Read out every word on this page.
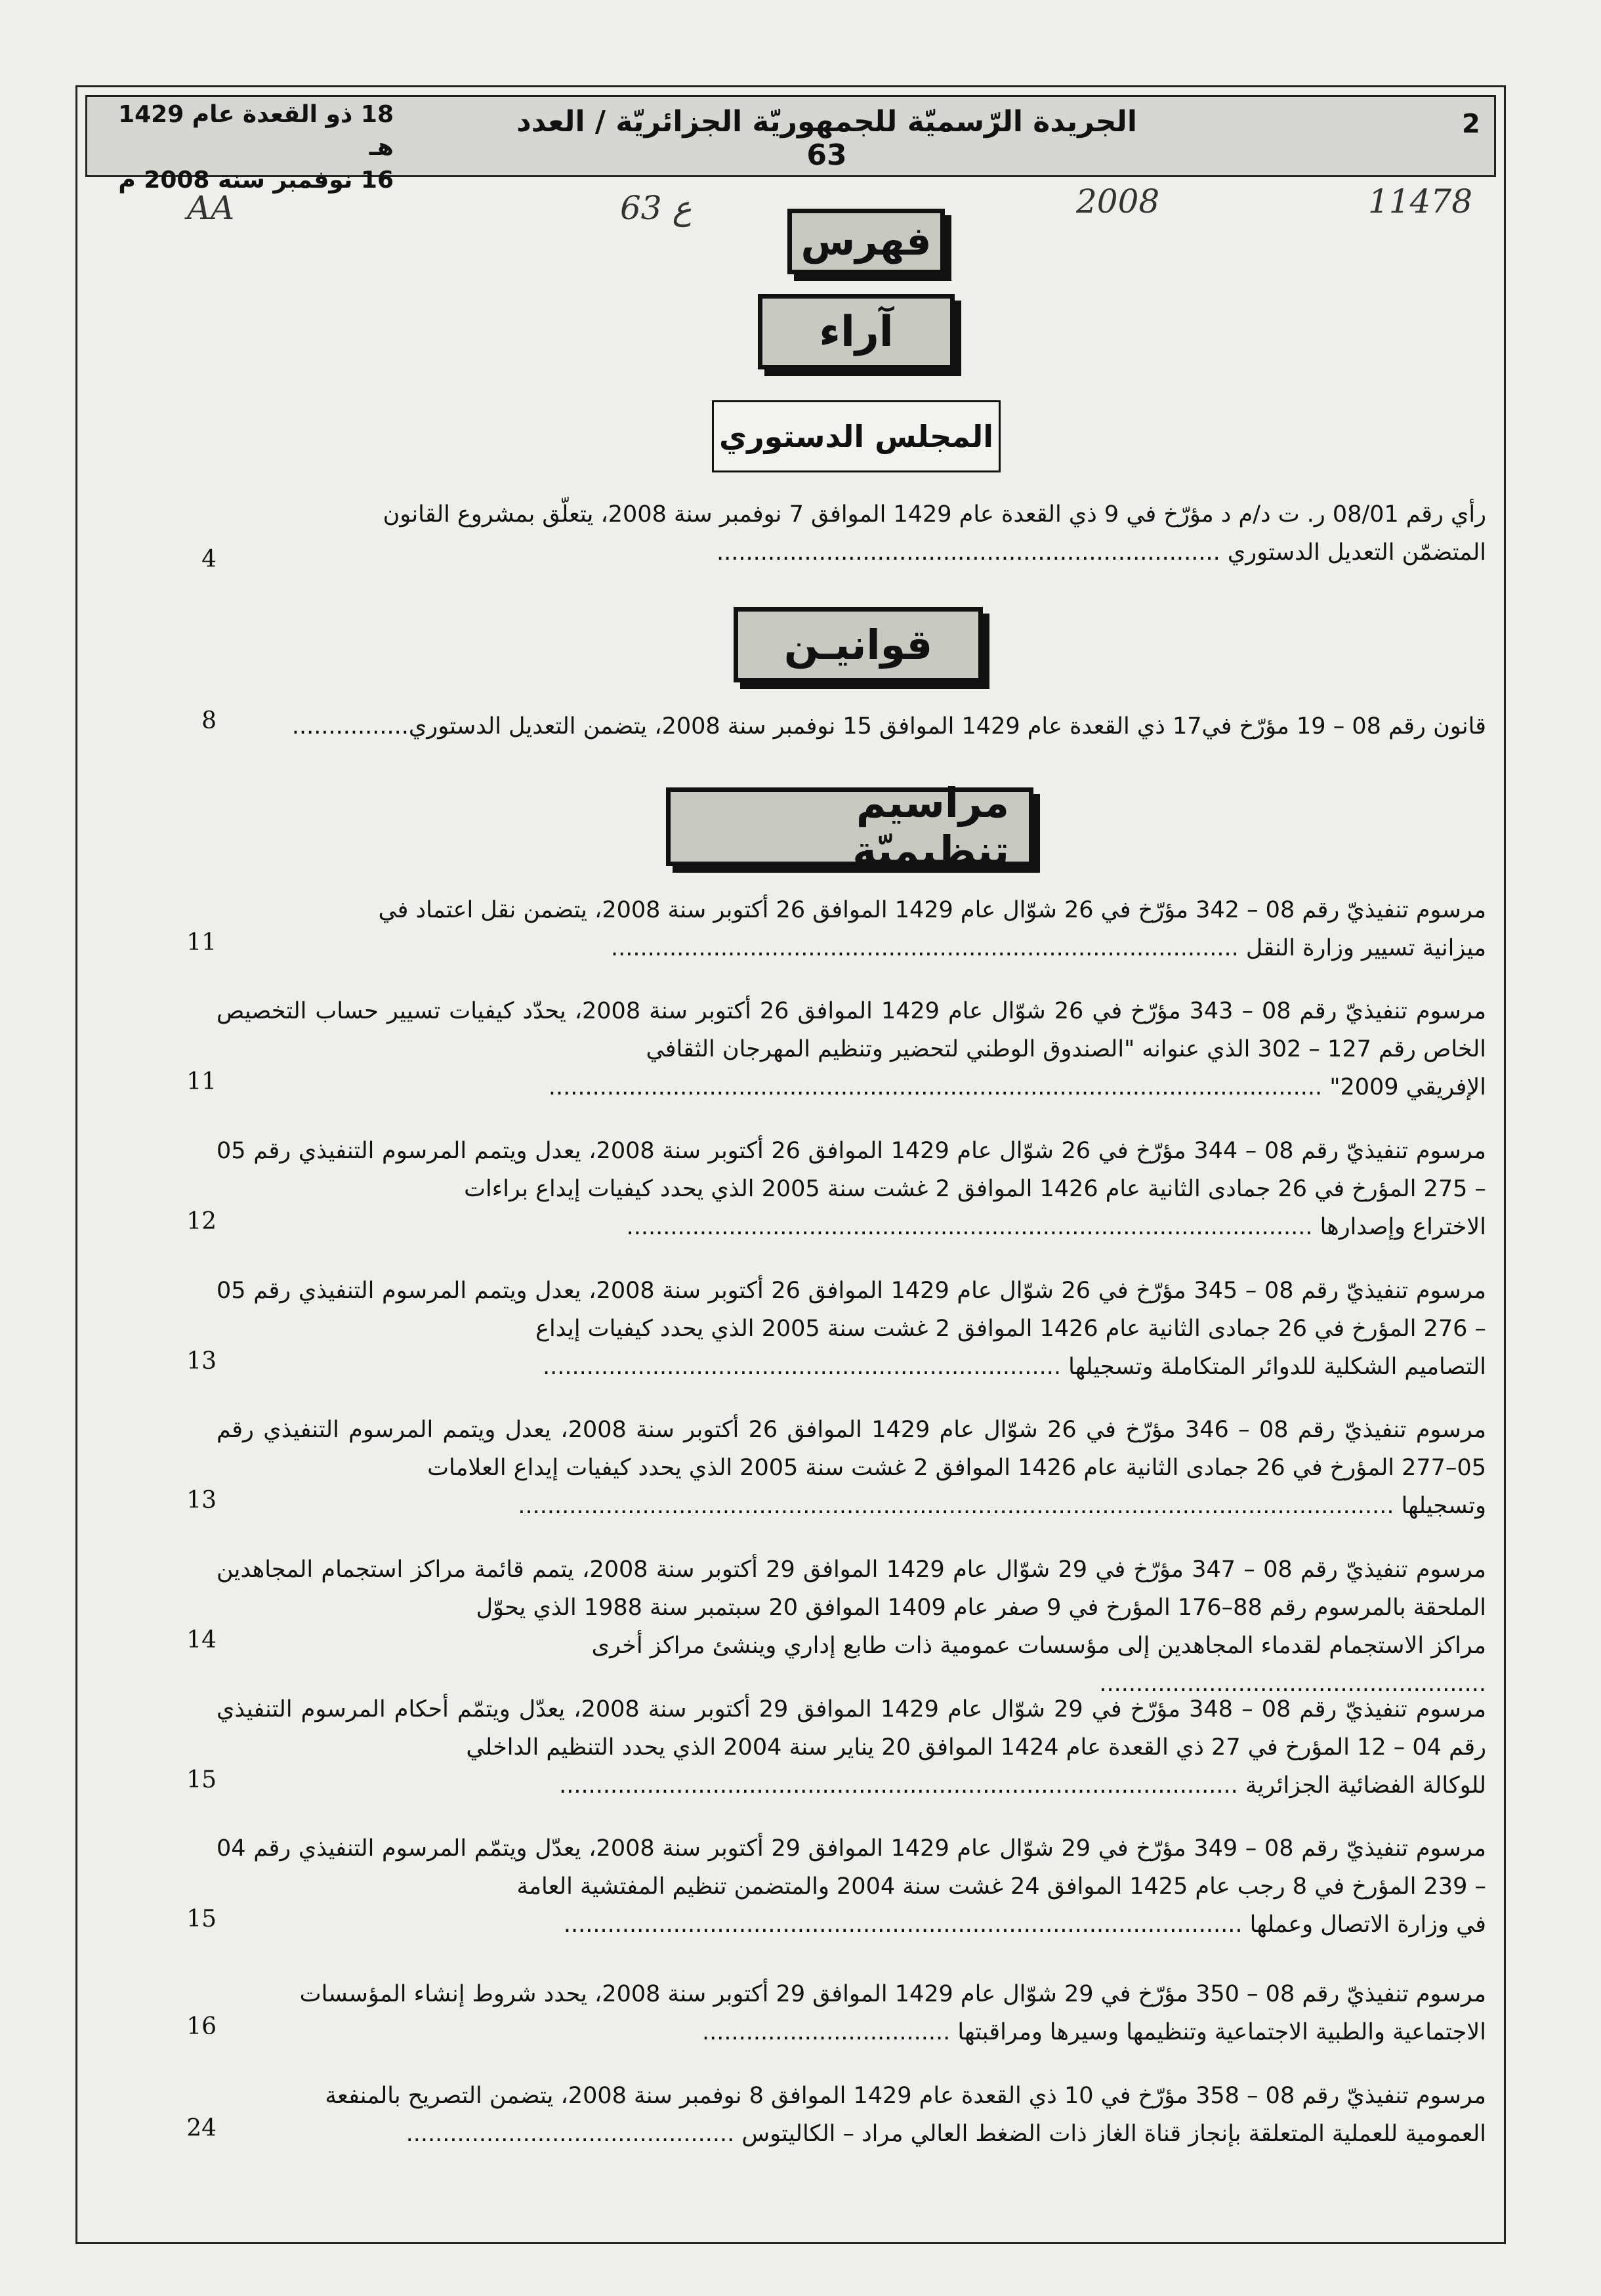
2
الجريدة الرّسميّة للجمهوريّة الجزائريّة / العدد 63
18 ذو القعدة عام 1429 هـ
16 نوفمبر سنة 2008 م
11478
2008
63 ع
AA
فهرس
آراء
المجلس الدستوري
قوانيـن
مراسيم تنظيميّة
رأي رقم 08/01 ر. ت د/م د مؤرّخ في 9 ذي القعدة عام 1429 الموافق 7 نوفمبر سنة 2008، يتعلّق بمشروع القانون
المتضمّن التعديل الدستوري .....................................................................
4
قانون رقم 08 – 19 مؤرّخ في17 ذي القعدة عام 1429 الموافق 15 نوفمبر سنة 2008، يتضمن التعديل الدستوري................
8
مرسوم تنفيذيّ رقم 08 – 342 مؤرّخ في 26 شوّال عام 1429 الموافق 26 أكتوبر سنة 2008، يتضمن نقل اعتماد في
ميزانية تسيير وزارة النقل ......................................................................................
11
مرسوم تنفيذيّ رقم 08 – 343 مؤرّخ في 26 شوّال عام 1429 الموافق 26 أكتوبر سنة 2008، يحدّد كيفيات تسيير حساب التخصيص الخاص رقم 127 – 302 الذي عنوانه "الصندوق الوطني لتحضير وتنظيم المهرجان الثقافي
الإفريقي 2009" ..........................................................................................................
11
مرسوم تنفيذيّ رقم 08 – 344 مؤرّخ في 26 شوّال عام 1429 الموافق 26 أكتوبر سنة 2008، يعدل ويتمم المرسوم التنفيذي رقم 05 – 275 المؤرخ في 26 جمادى الثانية عام 1426 الموافق 2 غشت سنة 2005 الذي يحدد كيفيات إيداع براءات
الاختراع وإصدارها ..............................................................................................
12
مرسوم تنفيذيّ رقم 08 – 345 مؤرّخ في 26 شوّال عام 1429 الموافق 26 أكتوبر سنة 2008، يعدل ويتمم المرسوم التنفيذي رقم 05 – 276 المؤرخ في 26 جمادى الثانية عام 1426 الموافق 2 غشت سنة 2005 الذي يحدد كيفيات إيداع
التصاميم الشكلية للدوائر المتكاملة وتسجيلها .......................................................................
13
مرسوم تنفيذيّ رقم 08 – 346 مؤرّخ في 26 شوّال عام 1429 الموافق 26 أكتوبر سنة 2008، يعدل ويتمم المرسوم التنفيذي رقم 05–277 المؤرخ في 26 جمادى الثانية عام 1426 الموافق 2 غشت سنة 2005 الذي يحدد كيفيات إيداع العلامات
وتسجيلها ........................................................................................................................
13
مرسوم تنفيذيّ رقم 08 – 347 مؤرّخ في 29 شوّال عام 1429 الموافق 29 أكتوبر سنة 2008، يتمم قائمة مراكز استجمام المجاهدين الملحقة بالمرسوم رقم 88–176 المؤرخ في 9 صفر عام 1409 الموافق 20 سبتمبر سنة 1988 الذي يحوّل
مراكز الاستجمام لقدماء المجاهدين إلى مؤسسات عمومية ذات طابع إداري وينشئ مراكز أخرى .....................................................
14
مرسوم تنفيذيّ رقم 08 – 348 مؤرّخ في 29 شوّال عام 1429 الموافق 29 أكتوبر سنة 2008، يعدّل ويتمّم أحكام المرسوم التنفيذي رقم 04 – 12 المؤرخ في 27 ذي القعدة عام 1424 الموافق 20 يناير سنة 2004 الذي يحدد التنظيم الداخلي
للوكالة الفضائية الجزائرية .............................................................................................
15
مرسوم تنفيذيّ رقم 08 – 349 مؤرّخ في 29 شوّال عام 1429 الموافق 29 أكتوبر سنة 2008، يعدّل ويتمّم المرسوم التنفيذي رقم 04 – 239 المؤرخ في 8 رجب عام 1425 الموافق 24 غشت سنة 2004 والمتضمن تنظيم المفتشية العامة
في وزارة الاتصال وعملها .............................................................................................
15
مرسوم تنفيذيّ رقم 08 – 350 مؤرّخ في 29 شوّال عام 1429 الموافق 29 أكتوبر سنة 2008، يحدد شروط إنشاء المؤسسات
الاجتماعية والطبية الاجتماعية وتنظيمها وسيرها ومراقبتها ..................................
16
مرسوم تنفيذيّ رقم 08 – 358 مؤرّخ في 10 ذي القعدة عام 1429 الموافق 8 نوفمبر سنة 2008، يتضمن التصريح بالمنفعة
العمومية للعملية المتعلقة بإنجاز قناة الغاز ذات الضغط العالي مراد – الكاليتوس .............................................
24
